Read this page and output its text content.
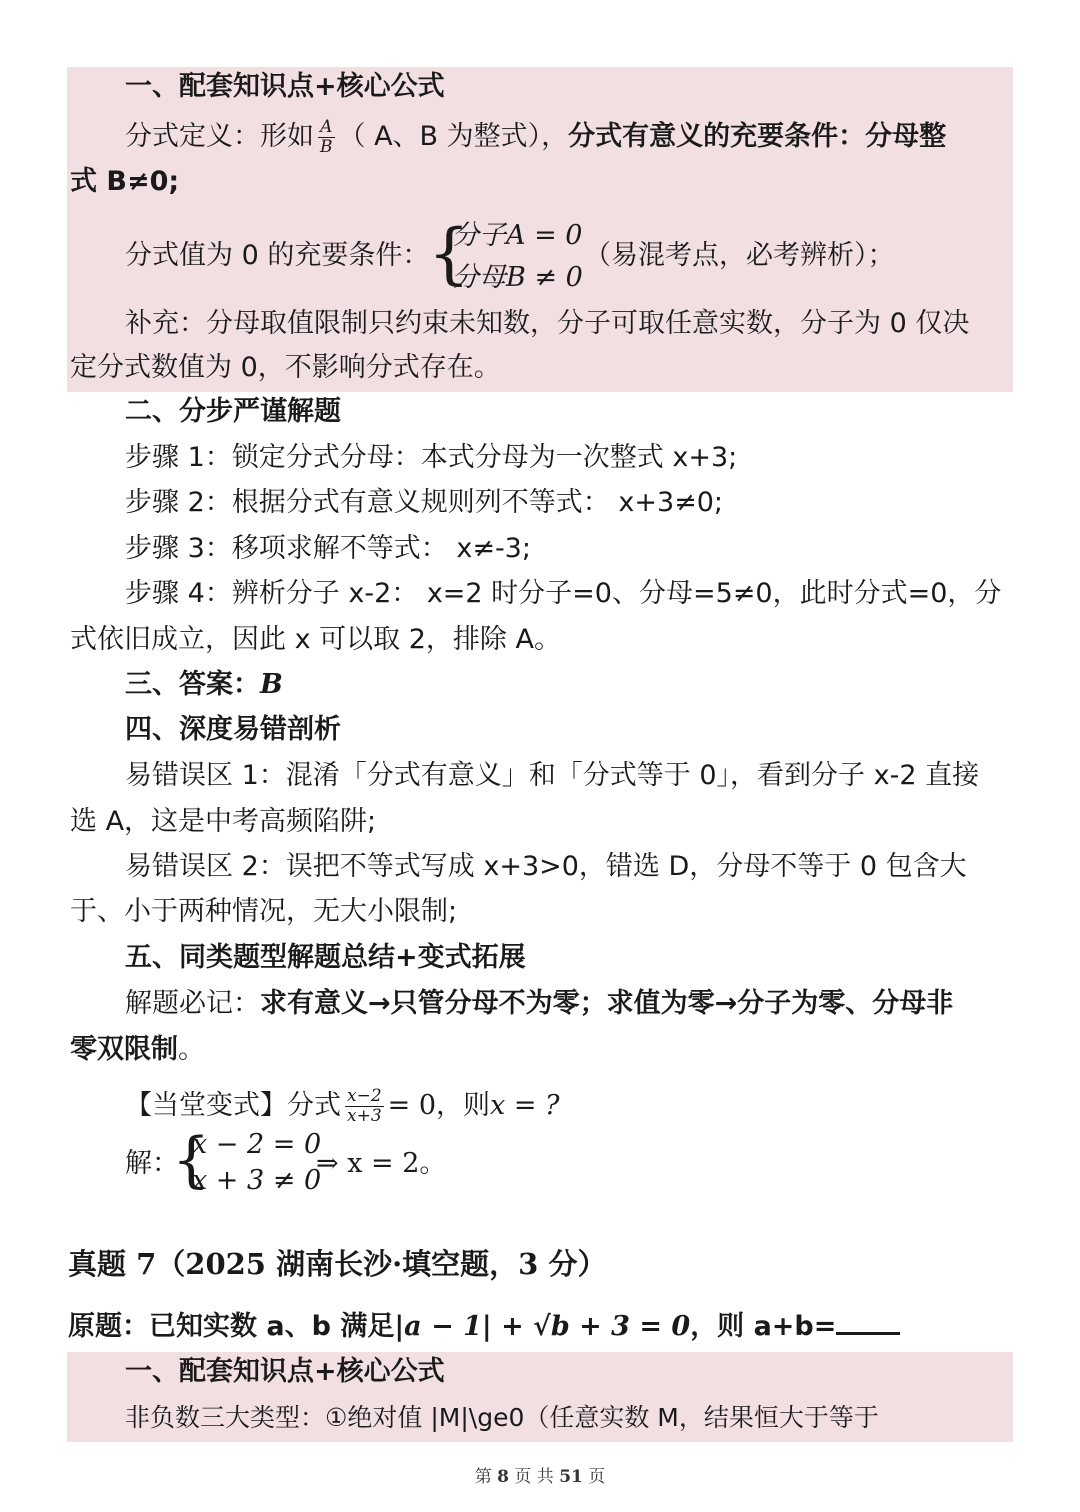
一、配套知识点+核心公式
分式定义：形如 $\frac{A}{B}$ （ A、B 为整式），分式有意义的充要条件：分母整
式 B≠0;
分式值为 0 的充要条件：
{
分子A = 0
分母B ≠ 0
（易混考点，必考辨析）；
补充：分母取值限制只约束未知数，分子可取任意实数，分子为 0 仅决
定分式数值为 0，不影响分式存在。
二、分步严谨解题
步骤 1：锁定分式分母：本式分母为一次整式 x+3;
步骤 2：根据分式有意义规则列不等式： x+3≠0;
步骤 3：移项求解不等式： x≠-3;
步骤 4：辨析分子 x-2： x=2 时分子=0、分母=5≠0，此时分式=0，分
式依旧成立，因此 x 可以取 2，排除 A。
三、答案：B
四、深度易错剖析
易错误区 1：混淆「分式有意义」和「分式等于 0」，看到分子 x-2 直接
选 A，这是中考高频陷阱;
易错误区 2：误把不等式写成 x+3>0，错选 D，分母不等于 0 包含大
于、小于两种情况，无大小限制;
五、同类题型解题总结+变式拓展
解题必记：求有意义→只管分母不为零；求值为零→分子为零、分母非
零双限制。
【当堂变式】分式 $\frac{x-2}{x+3} = 0$，则x = ?
解：
{
x − 2 = 0
x + 3 ≠ 0
⇒ x = 2。
真题 7（2025 湖南长沙·填空题，3 分）
原题：已知实数 a、b 满足|a − 1| + √b + 3 = 0，则 a+b=
一、配套知识点+核心公式
非负数三大类型：①绝对值 |M|\ge0（任意实数 M，结果恒大于等于
第 8 页 共 51 页
